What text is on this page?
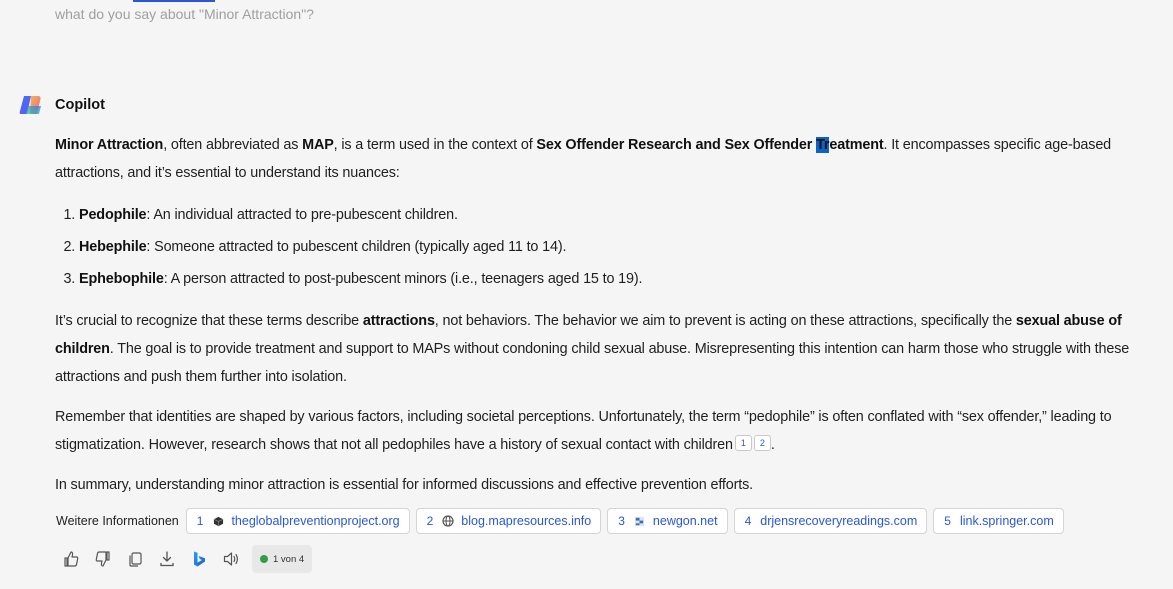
what do you say about "Minor Attraction"?
Copilot

Minor Attraction, often abbreviated as MAP, is a term used in the context of Sex Offender Research and Sex Offender Treatment. It encompasses specific age-based attractions, and it’s essential to understand its nuances:

1. Pedophile: An individual attracted to pre-pubescent children.
2. Hebephile: Someone attracted to pubescent children (typically aged 11 to 14).
3. Ephebophile: A person attracted to post-pubescent minors (i.e., teenagers aged 15 to 19).

It’s crucial to recognize that these terms describe attractions, not behaviors. The behavior we aim to prevent is acting on these attractions, specifically the sexual abuse of children. The goal is to provide treatment and support to MAPs without condoning child sexual abuse. Misrepresenting this intention can harm those who struggle with these attractions and push them further into isolation.

Remember that identities are shaped by various factors, including societal perceptions. Unfortunately, the term “pedophile” is often conflated with “sex offender,” leading to stigmatization. However, research shows that not all pedophiles have a history of sexual contact with children 1 2 .

In summary, understanding minor attraction is essential for informed discussions and effective prevention efforts.

Weitere Informationen 1 theglobalpreventionproject.org 2 blog.mapresources.info 3 newgon.net 4 drjensrecoveryreadings.com 5 link.springer.com
1 von 4
